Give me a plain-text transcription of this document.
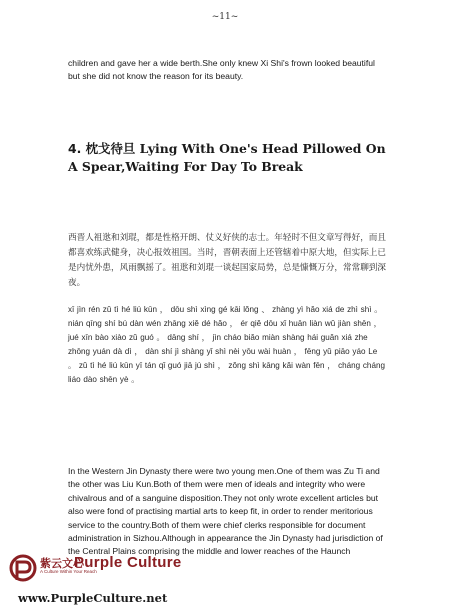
~11~

children and gave her a wide berth.She only knew Xi Shi's frown looked beautiful but she did not know the reason for its beauty.

4. 枕戈待旦 Lying With One's Head Pillowed On A Spear,Waiting For Day To Break

西晋人祖逖和刘琨，都是性格开朗、仗义好侠的志士。年轻时不但文章写得好，而且都喜欢练武健身，决心报效祖国。当时，晋朝表面上还管辖着中原大地，但实际上已是内忧外患，风雨飘摇了。祖逖和刘琨一谈起国家局势，总是慷慨万分，常常聊到深夜。

xī jìn rén zǔ tì hé liú kūn ， dōu shì xìng gé kāi lǒng 、 zhàng yì hǎo xiá de zhì shì 。 nián qīng shí bú dàn wén zhāng xiě dé hǎo ， ér qiě dōu xǐ huān liàn wǔ jiàn shēn ， jué xīn bào xiào zǔ guó 。 dāng shí ， jìn cháo biǎo miàn shàng hái guǎn xiá zhe zhōng yuán dà dì ， dàn shí jì shàng yǐ shì nèi yōu wài huàn ， fēng yǔ piāo yáo Le 。 zǔ tì hé liú kūn yī tán qǐ guó jiā jú shì ， zǒng shì kāng kǎi wàn fēn ， cháng cháng liáo dào shēn yè 。

In the Western Jin Dynasty there were two young men.One of them was Zu Ti and the other was Liu Kun.Both of them were men of ideals and integrity who were chivalrous and of a sanguine disposition.They not only wrote excellent articles but also were fond of practising martial arts to keep fit, in order to render meritorious service to the country.Both of them were chief clerks responsible for document administration in Sizhou.Although in appearance the Jin Dynasty had jurisdiction of the Central Plains comprising the middle and lower reaches of the Haunch

紫云文心
Purple Culture
A Culture Within Your Reach
www.PurpleCulture.net
